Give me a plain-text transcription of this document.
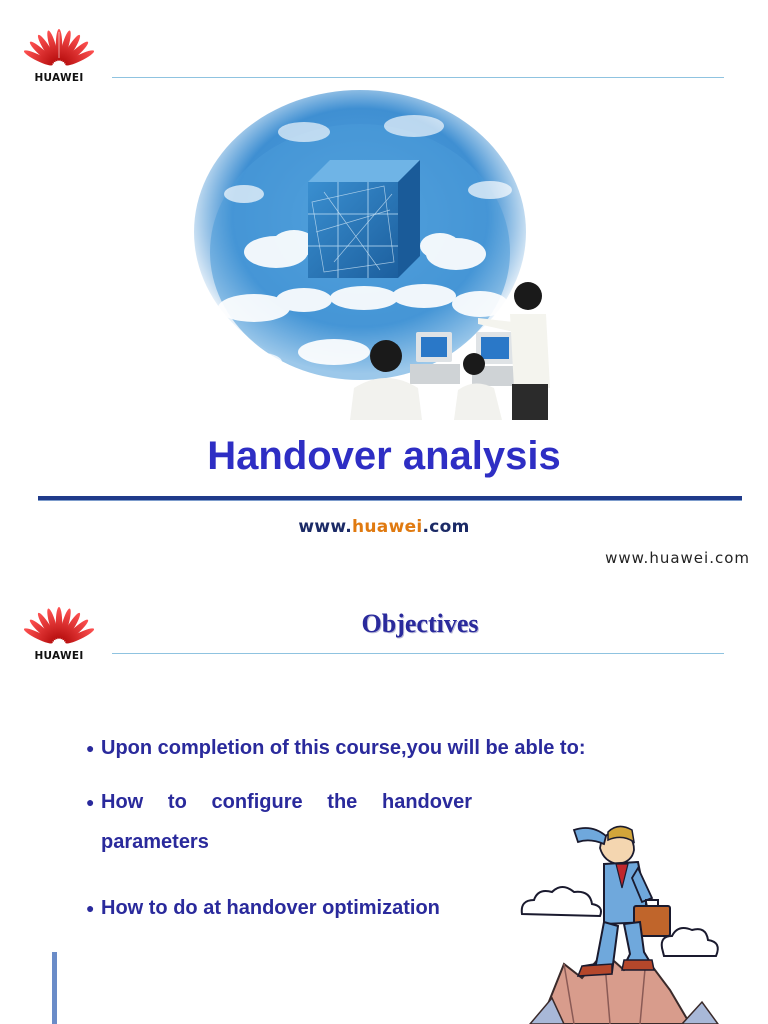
HUAWEI
Handover analysis
www.huawei.com
www.huawei.com
HUAWEI
Objectives
● Upon completion of this course,you will be able to:
● How to configure the handover parameters
● How to do at handover optimization
